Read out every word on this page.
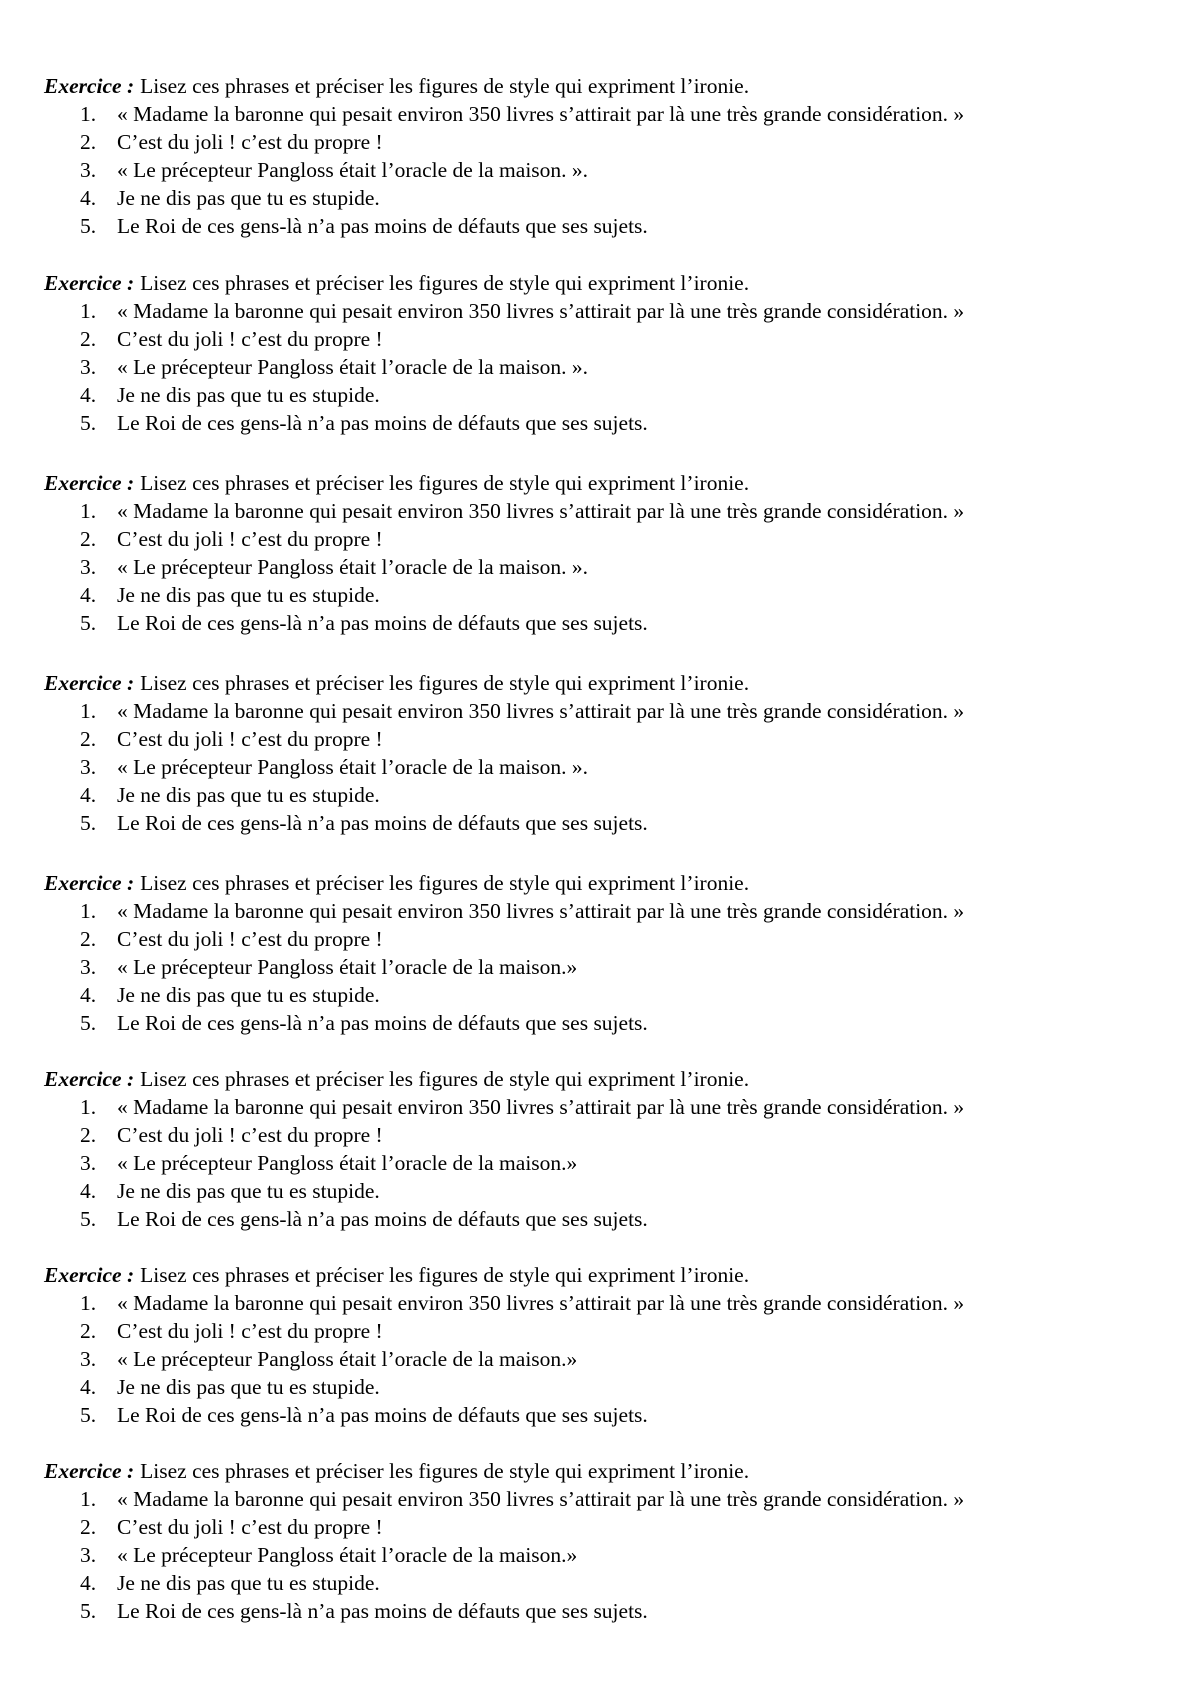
Exercice : Lisez ces phrases et préciser les figures de style qui expriment l’ironie.
1. « Madame la baronne qui pesait environ 350 livres s’attirait par là une très grande considération. »
2. C’est du joli ! c’est du propre !
3. « Le précepteur Pangloss était l’oracle de la maison. ».
4. Je ne dis pas que tu es stupide.
5. Le Roi de ces gens-là n’a pas moins de défauts que ses sujets.
Exercice : Lisez ces phrases et préciser les figures de style qui expriment l’ironie.
1. « Madame la baronne qui pesait environ 350 livres s’attirait par là une très grande considération. »
2. C’est du joli ! c’est du propre !
3. « Le précepteur Pangloss était l’oracle de la maison. ».
4. Je ne dis pas que tu es stupide.
5. Le Roi de ces gens-là n’a pas moins de défauts que ses sujets.
Exercice : Lisez ces phrases et préciser les figures de style qui expriment l’ironie.
1. « Madame la baronne qui pesait environ 350 livres s’attirait par là une très grande considération. »
2. C’est du joli ! c’est du propre !
3. « Le précepteur Pangloss était l’oracle de la maison. ».
4. Je ne dis pas que tu es stupide.
5. Le Roi de ces gens-là n’a pas moins de défauts que ses sujets.
Exercice : Lisez ces phrases et préciser les figures de style qui expriment l’ironie.
1. « Madame la baronne qui pesait environ 350 livres s’attirait par là une très grande considération. »
2. C’est du joli ! c’est du propre !
3. « Le précepteur Pangloss était l’oracle de la maison. ».
4. Je ne dis pas que tu es stupide.
5. Le Roi de ces gens-là n’a pas moins de défauts que ses sujets.
Exercice : Lisez ces phrases et préciser les figures de style qui expriment l’ironie.
1. « Madame la baronne qui pesait environ 350 livres s’attirait par là une très grande considération. »
2. C’est du joli ! c’est du propre !
3. « Le précepteur Pangloss était l’oracle de la maison.»
4. Je ne dis pas que tu es stupide.
5. Le Roi de ces gens-là n’a pas moins de défauts que ses sujets.
Exercice : Lisez ces phrases et préciser les figures de style qui expriment l’ironie.
1. « Madame la baronne qui pesait environ 350 livres s’attirait par là une très grande considération. »
2. C’est du joli ! c’est du propre !
3. « Le précepteur Pangloss était l’oracle de la maison.»
4. Je ne dis pas que tu es stupide.
5. Le Roi de ces gens-là n’a pas moins de défauts que ses sujets.
Exercice : Lisez ces phrases et préciser les figures de style qui expriment l’ironie.
1. « Madame la baronne qui pesait environ 350 livres s’attirait par là une très grande considération. »
2. C’est du joli ! c’est du propre !
3. « Le précepteur Pangloss était l’oracle de la maison.»
4. Je ne dis pas que tu es stupide.
5. Le Roi de ces gens-là n’a pas moins de défauts que ses sujets.
Exercice : Lisez ces phrases et préciser les figures de style qui expriment l’ironie.
1. « Madame la baronne qui pesait environ 350 livres s’attirait par là une très grande considération. »
2. C’est du joli ! c’est du propre !
3. « Le précepteur Pangloss était l’oracle de la maison.»
4. Je ne dis pas que tu es stupide.
5. Le Roi de ces gens-là n’a pas moins de défauts que ses sujets.
